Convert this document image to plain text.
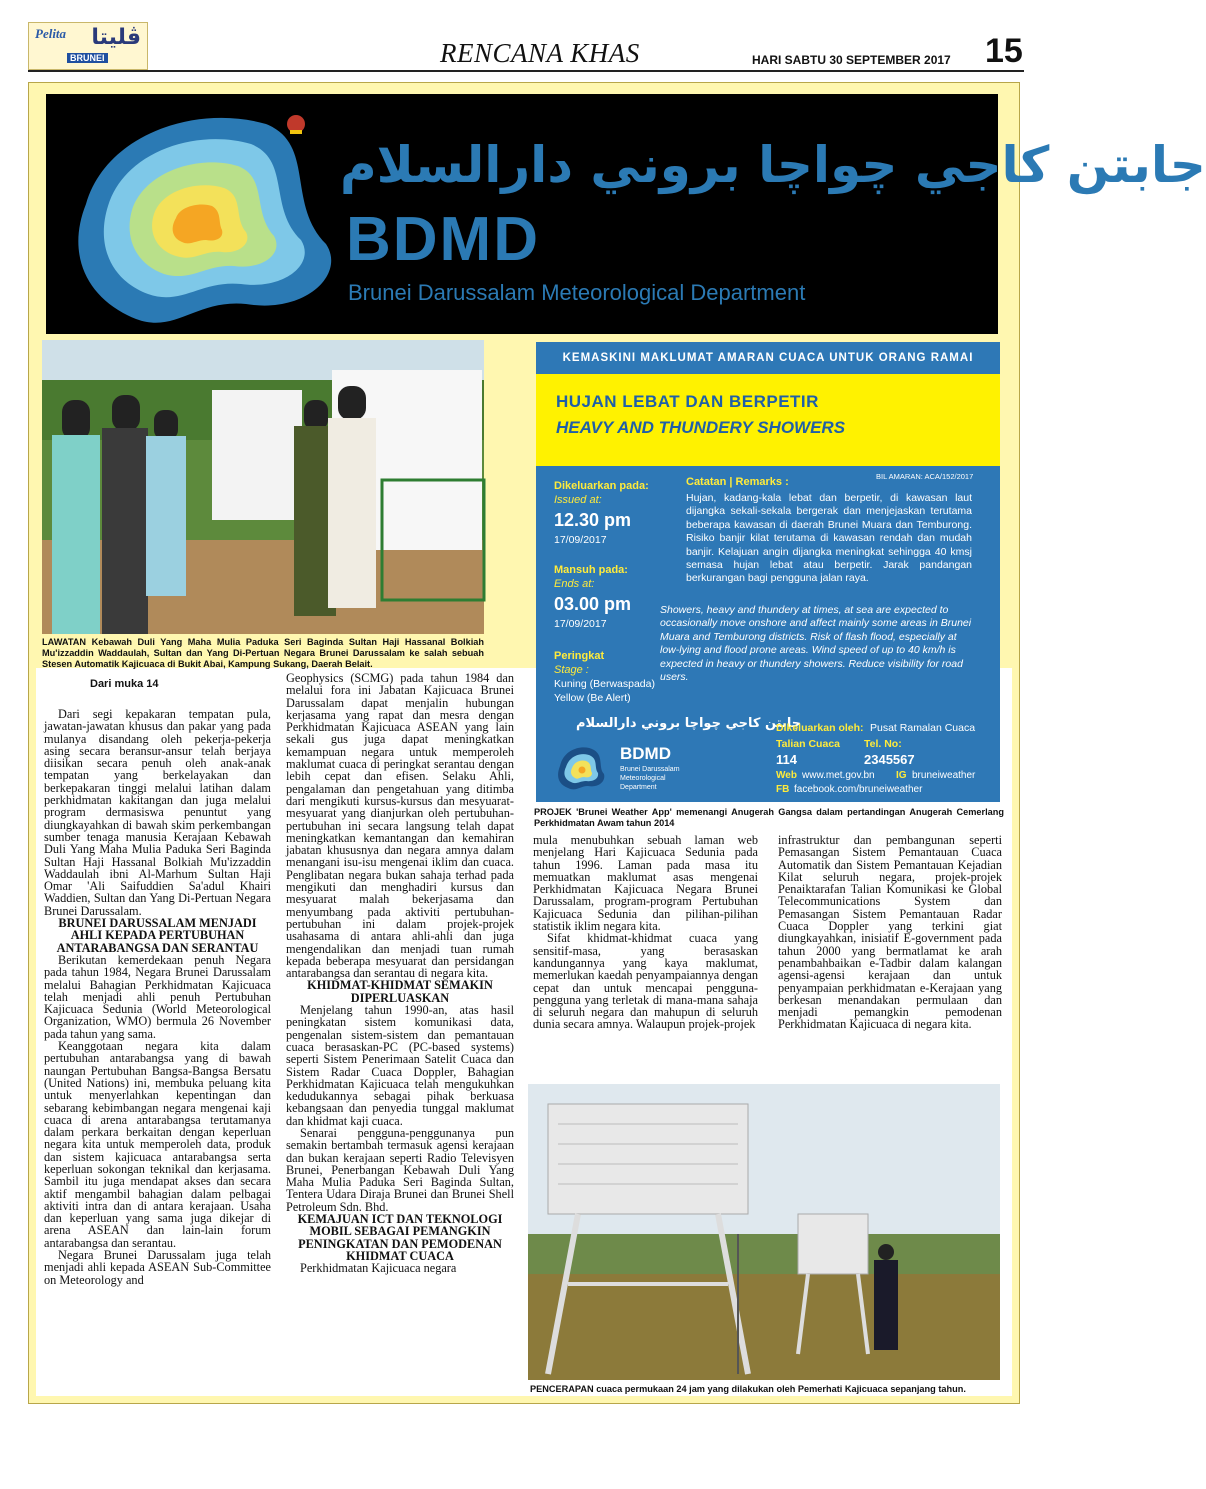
Pelita ڤليتا
BRUNEI	RENCANA KHAS	HARI SABTU 30 SEPTEMBER 2017 15
جابتن كاجي چواچا بروني دارالسلام
BDMD
Brunei Darussalam Meteorological Department
LAWATAN Kebawah Duli Yang Maha Mulia Paduka Seri Baginda Sultan Haji Hassanal Bolkiah Mu'izzaddin Waddaulah, Sultan dan Yang Di-Pertuan Negara Brunei Darussalam ke salah sebuah Stesen Automatik Kajicuaca di Bukit Abai, Kampung Sukang, Daerah Belait.
KEMASKINI MAKLUMAT AMARAN CUACA UNTUK ORANG RAMAI
HUJAN LEBAT DAN BERPETIR
HEAVY AND THUNDERY SHOWERS
BIL AMARAN: ACA/152/2017
Dikeluarkan pada:
Issued at:
12.30 pm
17/09/2017
Mansuh pada:
Ends at:
03.00 pm
17/09/2017
Peringkat
Stage :
Kuning (Berwaspada)
Yellow (Be Alert)
Catatan | Remarks :
Hujan, kadang-kala lebat dan berpetir, di kawasan laut dijangka sekali-sekala bergerak dan menjejaskan terutama beberapa kawasan di daerah Brunei Muara dan Temburong. Risiko banjir kilat terutama di kawasan rendah dan mudah banjir. Kelajuan angin dijangka meningkat sehingga 40 kmsj semasa hujan lebat atau berpetir. Jarak pandangan berkurangan bagi pengguna jalan raya.
Showers, heavy and thundery at times, at sea are expected to occasionally move onshore and affect mainly some areas in Brunei Muara and Temburong districts. Risk of flash flood, especially at low-lying and flood prone areas. Wind speed of up to 40 km/h is expected in heavy or thundery showers. Reduce visibility for road users.
جابتن كاجي چواچا بروني دارالسلام
BDMD
Brunei Darussalam
Meteorological
Department
Dikeluarkan oleh: Pusat Ramalan Cuaca
Talian Cuaca
114
Tel. No:
2345567
Web www.met.gov.bn IG bruneiweather
FB facebook.com/bruneiweather
PROJEK 'Brunei Weather App' memenangi Anugerah Gangsa dalam pertandingan Anugerah Cemerlang Perkhidmatan Awam tahun 2014
Dari muka 14

Dari segi kepakaran tempatan pula, jawatan-jawatan khusus dan pakar yang pada mulanya disandang oleh pekerja-pekerja asing secara beransur-ansur telah berjaya diisikan secara penuh oleh anak-anak tempatan yang berkelayakan dan berkepakaran tinggi melalui latihan dalam perkhidmatan kakitangan dan juga melalui program dermasiswa penuntut yang diungkayahkan di bawah skim perkembangan sumber tenaga manusia Kerajaan Kebawah Duli Yang Maha Mulia Paduka Seri Baginda Sultan Haji Hassanal Bolkiah Mu'izzaddin Waddaulah ibni Al-Marhum Sultan Haji Omar 'Ali Saifuddien Sa'adul Khairi Waddien, Sultan dan Yang Di-Pertuan Negara Brunei Darussalam.

BRUNEI DARUSSALAM MENJADI AHLI KEPADA PERTUBUHAN ANTARABANGSA DAN SERANTAU

Berikutan kemerdekaan penuh Negara pada tahun 1984, Negara Brunei Darussalam melalui Bahagian Perkhidmatan Kajicuaca telah menjadi ahli penuh Pertubuhan Kajicuaca Sedunia (World Meteorological Organization, WMO) bermula 26 November pada tahun yang sama.

Keanggotaan negara kita dalam pertubuhan antarabangsa yang di bawah naungan Pertubuhan Bangsa-Bangsa Bersatu (United Nations) ini, membuka peluang kita untuk menyerlahkan kepentingan dan sebarang kebimbangan negara mengenai kaji cuaca di arena antarabangsa terutamanya dalam perkara berkaitan dengan keperluan negara kita untuk memperoleh data, produk dan sistem kajicuaca antarabangsa serta keperluan sokongan teknikal dan kerjasama. Sambil itu juga mendapat akses dan secara aktif mengambil bahagian dalam pelbagai aktiviti intra dan di antara kerajaan. Usaha dan keperluan yang sama juga dikejar di arena ASEAN dan lain-lain forum antarabangsa dan serantau.

Negara Brunei Darussalam juga telah menjadi ahli kepada ASEAN Sub-Committee on Meteorology and

Geophysics (SCMG) pada tahun 1984 dan melalui fora ini Jabatan Kajicuaca Brunei Darussalam dapat menjalin hubungan kerjasama yang rapat dan mesra dengan Perkhidmatan Kajicuaca ASEAN yang lain sekali gus juga dapat meningkatkan kemampuan negara untuk memperoleh maklumat cuaca di peringkat serantau dengan lebih cepat dan efisen. Selaku Ahli, pengalaman dan pengetahuan yang ditimba dari mengikuti kursus-kursus dan mesyuarat-mesyuarat yang dianjurkan oleh pertubuhan-pertubuhan ini secara langsung telah dapat meningkatkan kemantangan dan kemahiran jabatan khususnya dan negara amnya dalam menangani isu-isu mengenai iklim dan cuaca. Penglibatan negara bukan sahaja terhad pada mengikuti dan menghadiri kursus dan mesyuarat malah bekerjasama dan menyumbang pada aktiviti pertubuhan-pertubuhan ini dalam projek-projek usahasama di antara ahli-ahli dan juga mengendalikan dan menjadi tuan rumah kepada beberapa mesyuarat dan persidangan antarabangsa dan serantau di negara kita.

KHIDMAT-KHIDMAT SEMAKIN DIPERLUASKAN

Menjelang tahun 1990-an, atas hasil peningkatan sistem komunikasi data, pengenalan sistem-sistem dan pemantauan cuaca berasaskan-PC (PC-based systems) seperti Sistem Penerimaan Satelit Cuaca dan Sistem Radar Cuaca Doppler, Bahagian Perkhidmatan Kajicuaca telah mengukuhkan kedudukannya sebagai pihak berkuasa kebangsaan dan penyedia tunggal maklumat dan khidmat kaji cuaca.

Senarai pengguna-penggunanya pun semakin bertambah termasuk agensi kerajaan dan bukan kerajaan seperti Radio Televisyen Brunei, Penerbangan Kebawah Duli Yang Maha Mulia Paduka Seri Baginda Sultan, Tentera Udara Diraja Brunei dan Brunei Shell Petroleum Sdn. Bhd.

KEMAJUAN ICT DAN TEKNOLOGI MOBIL SEBAGAI PEMANGKIN PENINGKATAN DAN PEMODENAN KHIDMAT CUACA

Perkhidmatan Kajicuaca negara

mula menubuhkan sebuah laman web menjelang Hari Kajicuaca Sedunia pada tahun 1996. Laman pada masa itu memuatkan maklumat asas mengenai Perkhidmatan Kajicuaca Negara Brunei Darussalam, program-program Pertubuhan Kajicuaca Sedunia dan pilihan-pilihan statistik iklim negara kita.

Sifat khidmat-khidmat cuaca yang sensitif-masa, yang berasaskan kandungannya yang kaya maklumat, memerlukan kaedah penyampaiannya dengan cepat dan untuk mencapai pengguna-pengguna yang terletak di mana-mana sahaja di seluruh negara dan mahupun di seluruh dunia secara amnya. Walaupun projek-projek

infrastruktur dan pembangunan seperti Pemasangan Sistem Pemantauan Cuaca Automatik dan Sistem Pemantauan Kejadian Kilat seluruh negara, projek-projek Penaiktarafan Talian Komunikasi ke Global Telecommunications System dan Pemasangan Sistem Pemantauan Radar Cuaca Doppler yang terkini giat diungkayahkan, inisiatif E-government pada tahun 2000 yang bermatlamat ke arah penambahbaikan e-Tadbir dalam kalangan agensi-agensi kerajaan dan untuk penyampaian perkhidmatan e-Kerajaan yang berkesan menandakan permulaan dan menjadi pemangkin pemodenan Perkhidmatan Kajicuaca di negara kita.

PENCERAPAN cuaca permukaan 24 jam yang dilakukan oleh Pemerhati Kajicuaca sepanjang tahun.
